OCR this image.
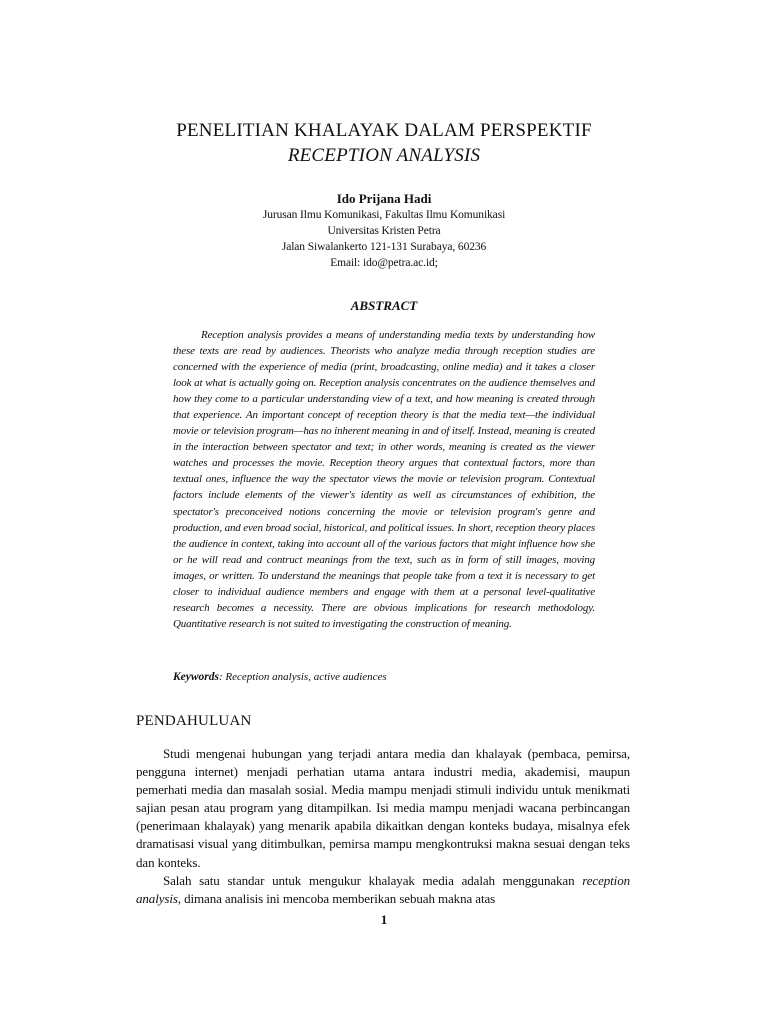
PENELITIAN KHALAYAK DALAM PERSPEKTIF
RECEPTION ANALYSIS
Ido Prijana Hadi
Jurusan Ilmu Komunikasi, Fakultas Ilmu Komunikasi
Universitas Kristen Petra
Jalan Siwalankerto 121-131 Surabaya, 60236
Email: ido@petra.ac.id;
ABSTRACT
Reception analysis provides a means of understanding media texts by understanding how these texts are read by audiences. Theorists who analyze media through reception studies are concerned with the experience of media (print, broadcasting, online media) and it takes a closer look at what is actually going on. Reception analysis concentrates on the audience themselves and how they come to a particular understanding view of a text, and how meaning is created through that experience. An important concept of reception theory is that the media text—the individual movie or television program—has no inherent meaning in and of itself. Instead, meaning is created in the interaction between spectator and text; in other words, meaning is created as the viewer watches and processes the movie. Reception theory argues that contextual factors, more than textual ones, influence the way the spectator views the movie or television program. Contextual factors include elements of the viewer's identity as well as circumstances of exhibition, the spectator's preconceived notions concerning the movie or television program's genre and production, and even broad social, historical, and political issues. In short, reception theory places the audience in context, taking into account all of the various factors that might influence how she or he will read and contruct meanings from the text, such as in form of still images, moving images, or written. To understand the meanings that people take from a text it is necessary to get closer to individual audience members and engage with them at a personal level-qualitative research becomes a necessity. There are obvious implications for research methodology. Quantitative research is not suited to investigating the construction of meaning.
Keywords: Reception analysis, active audiences
PENDAHULUAN

Studi mengenai hubungan yang terjadi antara media dan khalayak (pembaca, pemirsa, pengguna internet) menjadi perhatian utama antara industri media, akademisi, maupun pemerhati media dan masalah sosial. Media mampu menjadi stimuli individu untuk menikmati sajian pesan atau program yang ditampilkan. Isi media mampu menjadi wacana perbincangan (penerimaan khalayak) yang menarik apabila dikaitkan dengan konteks budaya, misalnya efek dramatisasi visual yang ditimbulkan, pemirsa mampu mengkontruksi makna sesuai dengan teks dan konteks.

Salah satu standar untuk mengukur khalayak media adalah menggunakan reception analysis, dimana analisis ini mencoba memberikan sebuah makna atas

1
